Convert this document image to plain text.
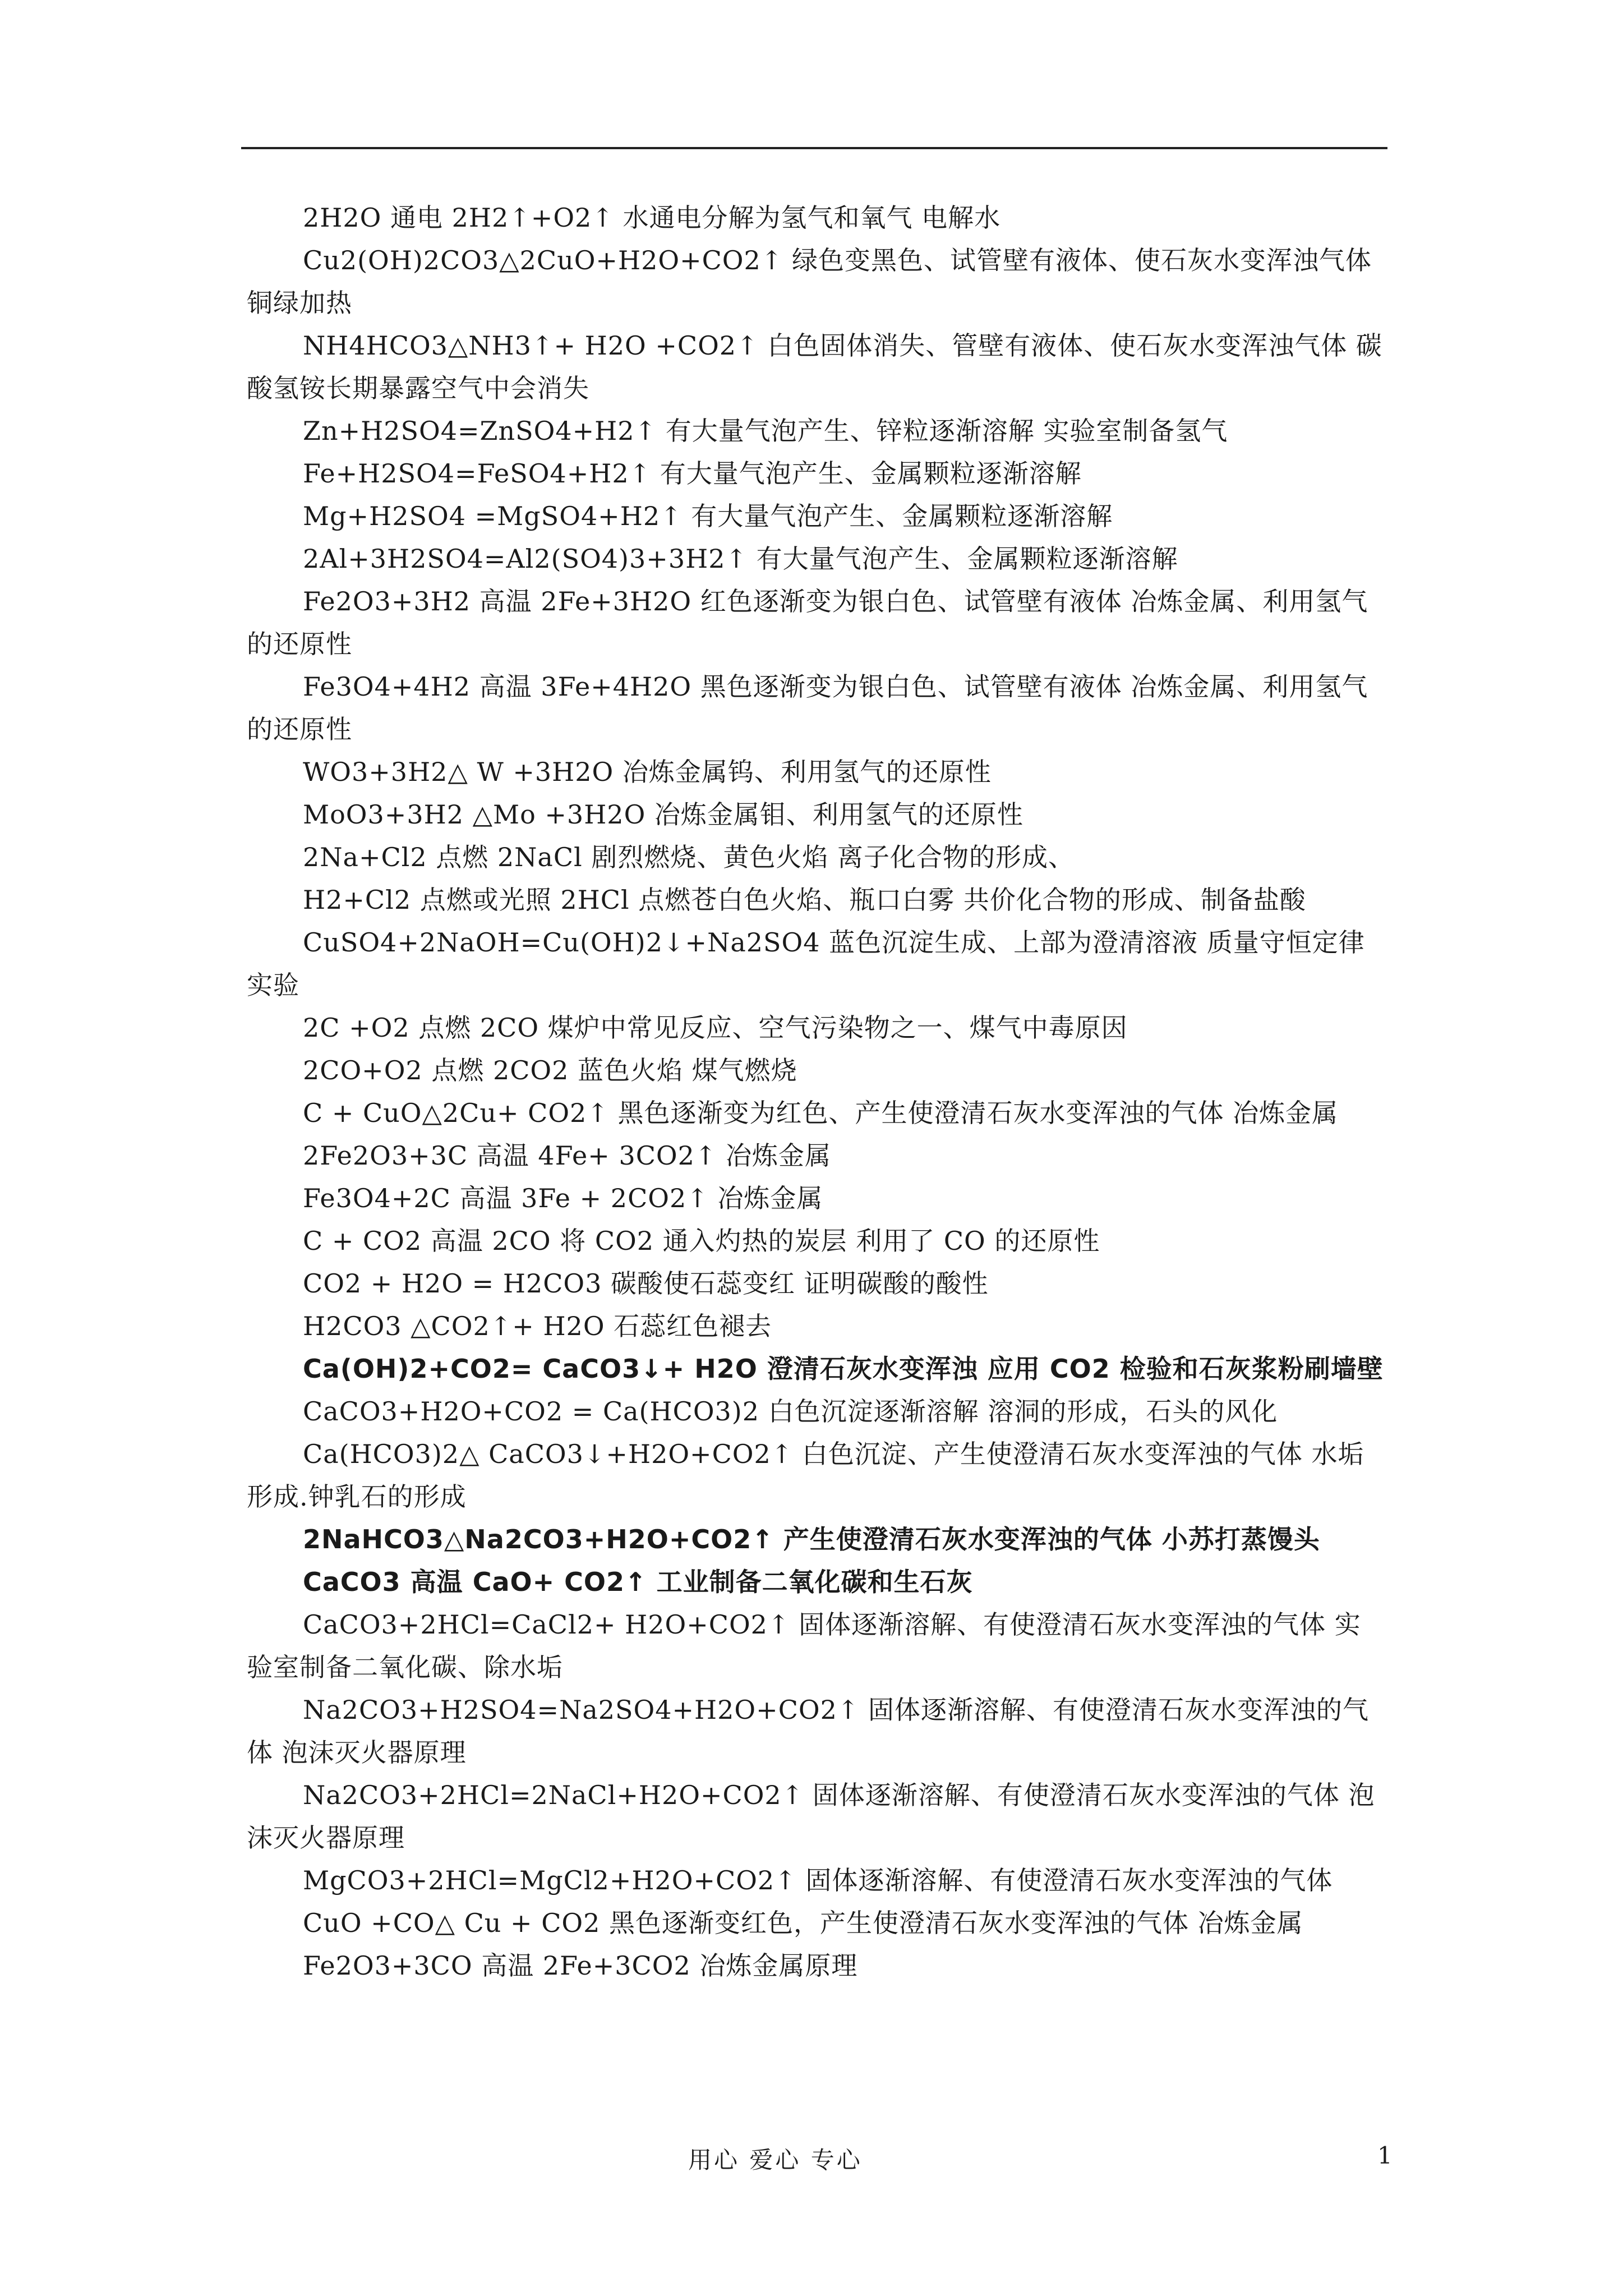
2H2O 通电 2H2↑+O2↑ 水通电分解为氢气和氧气 电解水

Cu2(OH)2CO3△2CuO+H2O+CO2↑ 绿色变黑色、试管壁有液体、使石灰水变浑浊气体 铜绿加热

NH4HCO3△NH3↑+ H2O +CO2↑ 白色固体消失、管壁有液体、使石灰水变浑浊气体 碳酸氢铵长期暴露空气中会消失

Zn+H2SO4=ZnSO4+H2↑ 有大量气泡产生、锌粒逐渐溶解 实验室制备氢气

Fe+H2SO4=FeSO4+H2↑ 有大量气泡产生、金属颗粒逐渐溶解

Mg+H2SO4 =MgSO4+H2↑ 有大量气泡产生、金属颗粒逐渐溶解

2Al+3H2SO4=Al2(SO4)3+3H2↑ 有大量气泡产生、金属颗粒逐渐溶解

Fe2O3+3H2 高温 2Fe+3H2O 红色逐渐变为银白色、试管壁有液体 冶炼金属、利用氢气的还原性

Fe3O4+4H2 高温 3Fe+4H2O 黑色逐渐变为银白色、试管壁有液体 冶炼金属、利用氢气的还原性

WO3+3H2△ W +3H2O 冶炼金属钨、利用氢气的还原性

MoO3+3H2 △Mo +3H2O 冶炼金属钼、利用氢气的还原性

2Na+Cl2 点燃 2NaCl 剧烈燃烧、黄色火焰 离子化合物的形成、

H2+Cl2 点燃或光照 2HCl 点燃苍白色火焰、瓶口白雾 共价化合物的形成、制备盐酸

CuSO4+2NaOH=Cu(OH)2↓+Na2SO4 蓝色沉淀生成、上部为澄清溶液 质量守恒定律实验

2C +O2 点燃 2CO 煤炉中常见反应、空气污染物之一、煤气中毒原因

2CO+O2 点燃 2CO2 蓝色火焰 煤气燃烧

C + CuO△2Cu+ CO2↑ 黑色逐渐变为红色、产生使澄清石灰水变浑浊的气体 冶炼金属

2Fe2O3+3C 高温 4Fe+ 3CO2↑ 冶炼金属

Fe3O4+2C 高温 3Fe + 2CO2↑ 冶炼金属

C + CO2 高温 2CO 将 CO2 通入灼热的炭层 利用了 CO 的还原性

CO2 + H2O = H2CO3 碳酸使石蕊变红 证明碳酸的酸性

H2CO3 △CO2↑+ H2O 石蕊红色褪去

Ca(OH)2+CO2= CaCO3↓+ H2O 澄清石灰水变浑浊 应用 CO2 检验和石灰浆粉刷墙壁

CaCO3+H2O+CO2 = Ca(HCO3)2 白色沉淀逐渐溶解 溶洞的形成，石头的风化

Ca(HCO3)2△ CaCO3↓+H2O+CO2↑ 白色沉淀、产生使澄清石灰水变浑浊的气体 水垢形成.钟乳石的形成

2NaHCO3△Na2CO3+H2O+CO2↑ 产生使澄清石灰水变浑浊的气体 小苏打蒸馒头

CaCO3 高温 CaO+ CO2↑ 工业制备二氧化碳和生石灰

CaCO3+2HCl=CaCl2+ H2O+CO2↑ 固体逐渐溶解、有使澄清石灰水变浑浊的气体 实验室制备二氧化碳、除水垢

Na2CO3+H2SO4=Na2SO4+H2O+CO2↑ 固体逐渐溶解、有使澄清石灰水变浑浊的气体 泡沫灭火器原理

Na2CO3+2HCl=2NaCl+H2O+CO2↑ 固体逐渐溶解、有使澄清石灰水变浑浊的气体 泡沫灭火器原理

MgCO3+2HCl=MgCl2+H2O+CO2↑ 固体逐渐溶解、有使澄清石灰水变浑浊的气体

CuO +CO△ Cu + CO2 黑色逐渐变红色，产生使澄清石灰水变浑浊的气体 冶炼金属

Fe2O3+3CO 高温 2Fe+3CO2 冶炼金属原理

用心 爱心 专心	1
